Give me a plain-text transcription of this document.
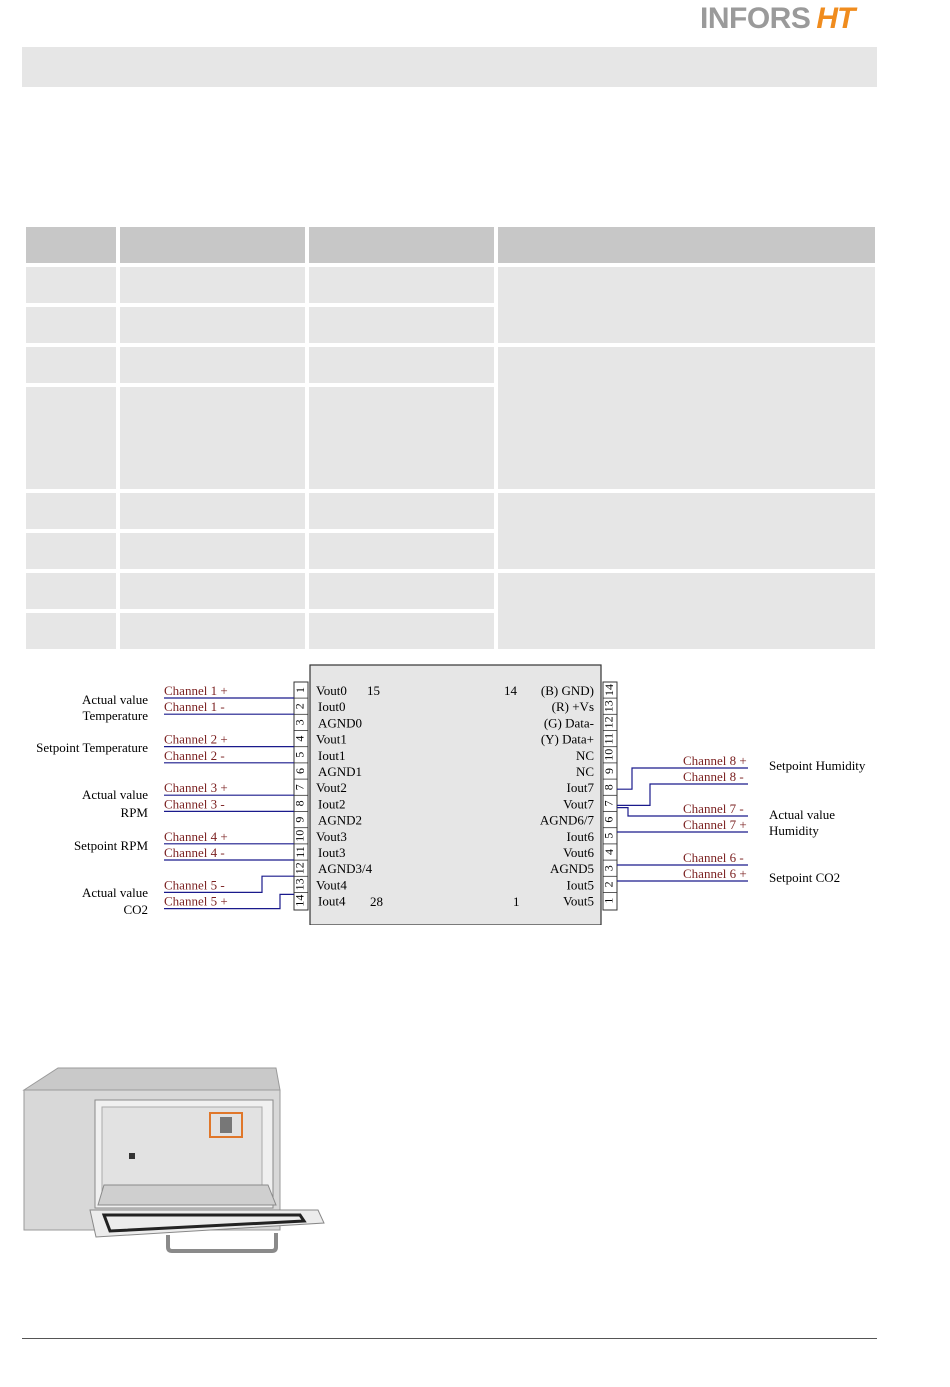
INFORS HT

15
28
14
1
1 Vout0
2 Iout0
3 AGND0
4 Vout1
5 Iout1
6 AGND1
7 Vout2
8 Iout2
9 AGND2
10 Vout3
11 Iout3
12 AGND3/4
13 Vout4
14 Iout4
14
(B) GND)
13
(R) +Vs
12
(G) Data-
11
(Y) Data+
10
NC
9
NC
8
Iout7
7
Vout7
6
AGND6/7
5
Iout6
4
Vout6
3
AGND5
2
Iout5
1
Vout5
Channel 1 +
Channel 1 -
Channel 2 +
Channel 2 -
Channel 3 +
Channel 3 -
Channel 4 +
Channel 4 -
Channel 5 -
Channel 5 +
Actual value
Temperature
Setpoint Temperature
Actual value
RPM
Setpoint RPM
Actual value
CO2
Channel 8 +
Channel 8 -
Channel 7 -
Channel 7 +
Channel 6 -
Channel 6 +
Setpoint Humidity
Actual value
Humidity
Setpoint CO2
